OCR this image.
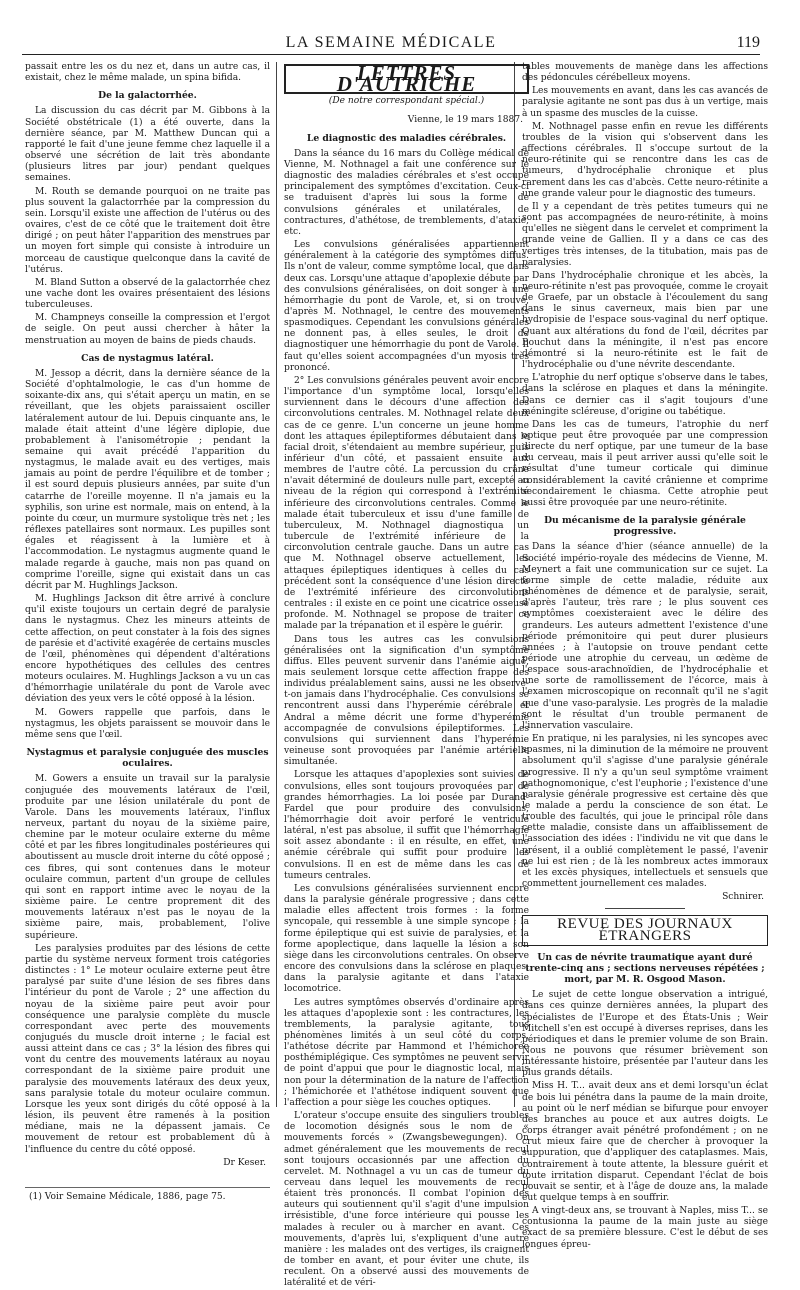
LA SEMAINE MÉDICALE	119

passait entre les os du nez et, dans un autre cas, il existait, chez le même malade, un spina bifida.

De la galactorrhée.

La discussion du cas décrit par M. Gibbons à la Société obstétricale (1) a été ouverte, dans la dernière séance, par M. Matthew Duncan qui a rapporté le fait d'une jeune femme chez laquelle il a observé une sécrétion de lait très abondante (plusieurs litres par jour) pendant quelques semaines.

M. Routh se demande pourquoi on ne traite pas plus souvent la galactorrhée par la compression du sein. Lorsqu'il existe une affection de l'utérus ou des ovaires, c'est de ce côté que le traitement doit être dirigé ; on peut hâter l'apparition des menstrues par un moyen fort simple qui consiste à introduire un morceau de caustique quelconque dans la cavité de l'utérus.

M. Bland Sutton a observé de la galactorrhée chez une vache dont les ovaires présentaient des lésions tuberculeuses.

M. Champneys conseille la compression et l'ergot de seigle. On peut aussi chercher à hâter la menstruation au moyen de bains de pieds chauds.

Cas de nystagmus latéral.

M. Jessop a décrit, dans la dernière séance de la Société d'ophtalmologie, le cas d'un homme de soixante-dix ans, qui s'était aperçu un matin, en se réveillant, que les objets paraissaient osciller latéralement autour de lui. Depuis cinquante ans, le malade était atteint d'une légère diplopie, due probablement à l'anisométropie ; pendant la semaine qui avait précédé l'apparition du nystagmus, le malade avait eu des vertiges, mais jamais au point de perdre l'équilibre et de tomber ; il est sourd depuis plusieurs années, par suite d'un catarrhe de l'oreille moyenne. Il n'a jamais eu la syphilis, son urine est normale, mais on entend, à la pointe du cœur, un murmure systolique très net ; les réflexes patellaires sont normaux. Les pupilles sont égales et réagissent à la lumière et à l'accommodation. Le nystagmus augmente quand le malade regarde à gauche, mais non pas quand on comprime l'oreille, signe qui existait dans un cas décrit par M. Hughlings Jackson.

M. Hughlings Jackson dit être arrivé à conclure qu'il existe toujours un certain degré de paralysie dans le nystagmus. Chez les mineurs atteints de cette affection, on peut constater à la fois des signes de parésie et d'activité exagérée de certains muscles de l'œil, phénomènes qui dépendent d'altérations encore hypothétiques des cellules des centres moteurs oculaires. M. Hughlings Jackson a vu un cas d'hémorrhagie unilatérale du pont de Varole avec déviation des yeux vers le côté opposé à la lésion.

M. Gowers rappelle que parfois, dans le nystagmus, les objets paraissent se mouvoir dans le même sens que l'œil.

Nystagmus et paralysie conjuguée des muscles oculaires.

M. Gowers a ensuite un travail sur la paralysie conjuguée des mouvements latéraux de l'œil, produite par une lésion unilatérale du pont de Varole. Dans les mouvements latéraux, l'influx nerveux, partant du noyau de la sixième paire, chemine par le moteur oculaire externe du même côté et par les fibres longitudinales postérieures qui aboutissent au muscle droit interne du côté opposé ; ces fibres, qui sont contenues dans le moteur oculaire commun, partent d'un groupe de cellules qui sont en rapport intime avec le noyau de la sixième paire. Le centre proprement dit des mouvements latéraux n'est pas le noyau de la sixième paire, mais, probablement, l'olive supérieure.

Les paralysies produites par des lésions de cette partie du système nerveux forment trois catégories distinctes : 1° Le moteur oculaire externe peut être paralysé par suite d'une lésion de ses fibres dans l'intérieur du pont de Varole ; 2° une affection du noyau de la sixième paire peut avoir pour conséquence une paralysie complète du muscle correspondant avec perte des mouvements conjugués du muscle droit interne ; le facial est aussi atteint dans ce cas ; 3° la lésion des fibres qui vont du centre des mouvements latéraux au noyau correspondant de la sixième paire produit une paralysie des mouvements latéraux des deux yeux, sans paralysie totale du moteur oculaire commun. Lorsque les yeux sont dirigés du côté opposé à la lésion, ils peuvent être ramenés à la position médiane, mais ne la dépassent jamais. Ce mouvement de retour est probablement dû à l'influence du centre du côté opposé.

Dr Keser.

(1) Voir Semaine Médicale, 1886, page 75.

LETTRES D'AUTRICHE
(De notre correspondant spécial.)
Vienne, le 19 mars 1887.
Le diagnostic des maladies cérébrales.

Dans la séance du 16 mars du Collège médical de Vienne, M. Nothnagel a fait une conférence sur le diagnostic des maladies cérébrales et s'est occupé principalement des symptômes d'excitation. Ceux-ci se traduisent d'après lui sous la forme de convulsions générales et unilatérales, de contractures, d'athétose, de tremblements, d'ataxie, etc.

Les convulsions généralisées appartiennent généralement à la catégorie des symptômes diffus. Ils n'ont de valeur, comme symptôme local, que dans deux cas. Lorsqu'une attaque d'apoplexie débute par des convulsions généralisées, on doit songer à une hémorrhagie du pont de Varole, et, si on trouve, d'après M. Nothnagel, le centre des mouvements spasmodiques. Cependant les convulsions générales ne donnent pas, à elles seules, le droit de diagnostiquer une hémorrhagie du pont de Varole. Il faut qu'elles soient accompagnées d'un myosis très prononcé.

2° Les convulsions générales peuvent avoir encore l'importance d'un symptôme local, lorsqu'elles surviennent dans le décours d'une affection des circonvolutions centrales. M. Nothnagel relate deux cas de ce genre. L'un concerne un jeune homme dont les attaques épileptiformes débutaient dans le facial droit, s'étendaient au membre supérieur, puis inférieur d'un côté, et passaient ensuite aux membres de l'autre côté. La percussion du crâne n'avait déterminé de douleurs nulle part, excepté au niveau de la région qui correspond à l'extrémité inférieure des circonvolutions centrales. Comme le malade était tuberculeux et issu d'une famille de tuberculeux, M. Nothnagel diagnostiqua un tubercule de l'extrémité inférieure de la circonvolution centrale gauche. Dans un autre cas que M. Nothnagel observe actuellement, les attaques épileptiques identiques à celles du cas précédent sont la conséquence d'une lésion directe de l'extrémité inférieure des circonvolutions centrales : il existe en ce point une cicatrice osseuse profonde. M. Nothnagel se propose de traiter ce malade par la trépanation et il espère le guérir.

Dans tous les autres cas les convulsions généralisées ont la signification d'un symptôme diffus. Elles peuvent survenir dans l'anémie aiguë, mais seulement lorsque cette affection frappe des individus préalablement sains, aussi ne les observe-t-on jamais dans l'hydrocéphalie. Ces convulsions se rencontrent aussi dans l'hyperémie cérébrale et Andral a même décrit une forme d'hyperémie accompagnée de convulsions épileptiformes. Les convulsions qui surviennent dans l'hyperémie veineuse sont provoquées par l'anémie artérielle simultanée.

Lorsque les attaques d'apoplexies sont suivies de convulsions, elles sont toujours provoquées par de grandes hémorrhagies. La loi posée par Durand-Fardel que pour produire des convulsions, l'hémorrhagie doit avoir perforé le ventricule latéral, n'est pas absolue, il suffit que l'hémorrhagie soit assez abondante : il en résulte, en effet, une anémie cérébrale qui suffit pour produire les convulsions. Il en est de même dans les cas de tumeurs centrales.

Les convulsions généralisées surviennent encore dans la paralysie générale progressive ; dans cette maladie elles affectent trois formes : la forme syncopale, qui ressemble à une simple syncope ; la forme épileptique qui est suivie de paralysies, et la forme apoplectique, dans laquelle la lésion a son siège dans les circonvolutions centrales. On observe encore des convulsions dans la sclérose en plaques, dans la paralysie agitante et dans l'ataxie locomotrice.

Les autres symptômes observés d'ordinaire après les attaques d'apoplexie sont : les contractures, les tremblements, la paralysie agitante, tous phénomènes limités à un seul côté du corps, l'athétose décrite par Hammond et l'hémichorée posthémiplégique. Ces symptômes ne peuvent servir de point d'appui que pour le diagnostic local, mais non pour la détermination de la nature de l'affection ; l'hémichorée et l'athétose indiquent souvent que l'affection a pour siège les couches optiques.

L'orateur s'occupe ensuite des singuliers troubles de locomotion désignés sous le nom de « mouvements forcés » (Zwangsbewegungen). On admet généralement que les mouvements de recul sont toujours occasionnés par une affection du cervelet. M. Nothnagel a vu un cas de tumeur du cerveau dans lequel les mouvements de recul étaient très prononcés. Il combat l'opinion des auteurs qui soutiennent qu'il s'agit d'une impulsion irrésistible, d'une force intérieure qui pousse les malades à reculer ou à marcher en avant. Ces mouvements, d'après lui, s'expliquent d'une autre manière : les malades ont des vertiges, ils craignent de tomber en avant, et pour éviter une chute, ils reculent. On a observé aussi des mouvements de latéralité et de véri-

tables mouvements de manège dans les affections des pédoncules cérébelleux moyens.

Les mouvements en avant, dans les cas avancés de paralysie agitante ne sont pas dus à un vertige, mais à un spasme des muscles de la cuisse.

M. Nothnagel passe enfin en revue les différents troubles de la vision qui s'observent dans les affections cérébrales. Il s'occupe surtout de la neuro-rétinite qui se rencontre dans les cas de tumeurs, d'hydrocéphalie chronique et plus rarement dans les cas d'abcès. Cette neuro-rétinite a une grande valeur pour le diagnostic des tumeurs.

Il y a cependant de très petites tumeurs qui ne sont pas accompagnées de neuro-rétinite, à moins qu'elles ne siègent dans le cervelet et compriment la grande veine de Gallien. Il y a dans ce cas des vertiges très intenses, de la titubation, mais pas de paralysies.

Dans l'hydrocéphalie chronique et les abcès, la neuro-rétinite n'est pas provoquée, comme le croyait de Graefe, par un obstacle à l'écoulement du sang dans le sinus caverneux, mais bien par une hydropisie de l'espace sous-vaginal du nerf optique. Quant aux altérations du fond de l'œil, décrites par Bouchut dans la méningite, il n'est pas encore démontré si la neuro-rétinite est le fait de l'hydrocéphalie ou d'une névrite descendante.

L'atrophie du nerf optique s'observe dans le tabes, dans la sclérose en plaques et dans la méningite. Dans ce dernier cas il s'agit toujours d'une méningite scléreuse, d'origine ou tabétique.

Dans les cas de tumeurs, l'atrophie du nerf optique peut être provoquée par une compression directe du nerf optique, par une tumeur de la base du cerveau, mais il peut arriver aussi qu'elle soit le résultat d'une tumeur corticale qui diminue considérablement la cavité crânienne et comprime secondairement le chiasma. Cette atrophie peut aussi être provoquée par une neuro-rétinite.

Du mécanisme de la paralysie générale progressive.

Dans la séance d'hier (séance annuelle) de la Société império-royale des médecins de Vienne, M. Meynert a fait une communication sur ce sujet. La forme simple de cette maladie, réduite aux phénomènes de démence et de paralysie, serait, d'après l'auteur, très rare ; le plus souvent ces symptômes coexisteraient avec le délire des grandeurs. Les auteurs admettent l'existence d'une période prémonitoire qui peut durer plusieurs années ; à l'autopsie on trouve pendant cette période une atrophie du cerveau, un œdème de l'espace sous-arachnoïdien, de l'hydrocéphalie et une sorte de ramollissement de l'écorce, mais à l'examen microscopique on reconnaît qu'il ne s'agit que d'une vaso-paralysie. Les progrès de la maladie sont le résultat d'un trouble permanent de l'innervation vasculaire.

En pratique, ni les paralysies, ni les syncopes avec spasmes, ni la diminution de la mémoire ne prouvent absolument qu'il s'agisse d'une paralysie générale progressive. Il n'y a qu'un seul symptôme vraiment pathognomonique, c'est l'euphorie ; l'existence d'une paralysie générale progressive est certaine dès que le malade a perdu la conscience de son état. Le trouble des facultés, qui joue le principal rôle dans cette maladie, consiste dans un affaiblissement de l'association des idées : l'individu ne vit que dans le présent, il a oublié complètement le passé, l'avenir ne lui est rien ; de là les nombreux actes immoraux et les excès physiques, intellectuels et sensuels que commettent journellement ces malades.

Schnirer.
REVUE DES JOURNAUX ÉTRANGERS
Un cas de névrite traumatique ayant duré trente-cinq ans ; sections nerveuses répétées ; mort, par M. R. Osgood Mason.

Le sujet de cette longue observation a intrigué, dans ces quinze dernières années, la plupart des spécialistes de l'Europe et des États-Unis ; Weir Mitchell s'en est occupé à diverses reprises, dans les périodiques et dans le premier volume de son Brain. Nous ne pouvons que résumer brièvement son intéressante histoire, présentée par l'auteur dans les plus grands détails.

Miss H. T... avait deux ans et demi lorsqu'un éclat de bois lui pénétra dans la paume de la main droite, au point où le nerf médian se bifurque pour envoyer des branches au pouce et aux autres doigts. Le corps étranger avait pénétré profondément ; on ne crut mieux faire que de chercher à provoquer la suppuration, que d'appliquer des cataplasmes. Mais, contrairement à toute attente, la blessure guérit et toute irritation disparut. Cependant l'éclat de bois pouvait se sentir, et à l'âge de douze ans, la malade eut quelque temps à en souffrir.

A vingt-deux ans, se trouvant à Naples, miss T... se contusionna la paume de la main juste au siège exact de sa première blessure. C'est le début de ses longues épreu-
